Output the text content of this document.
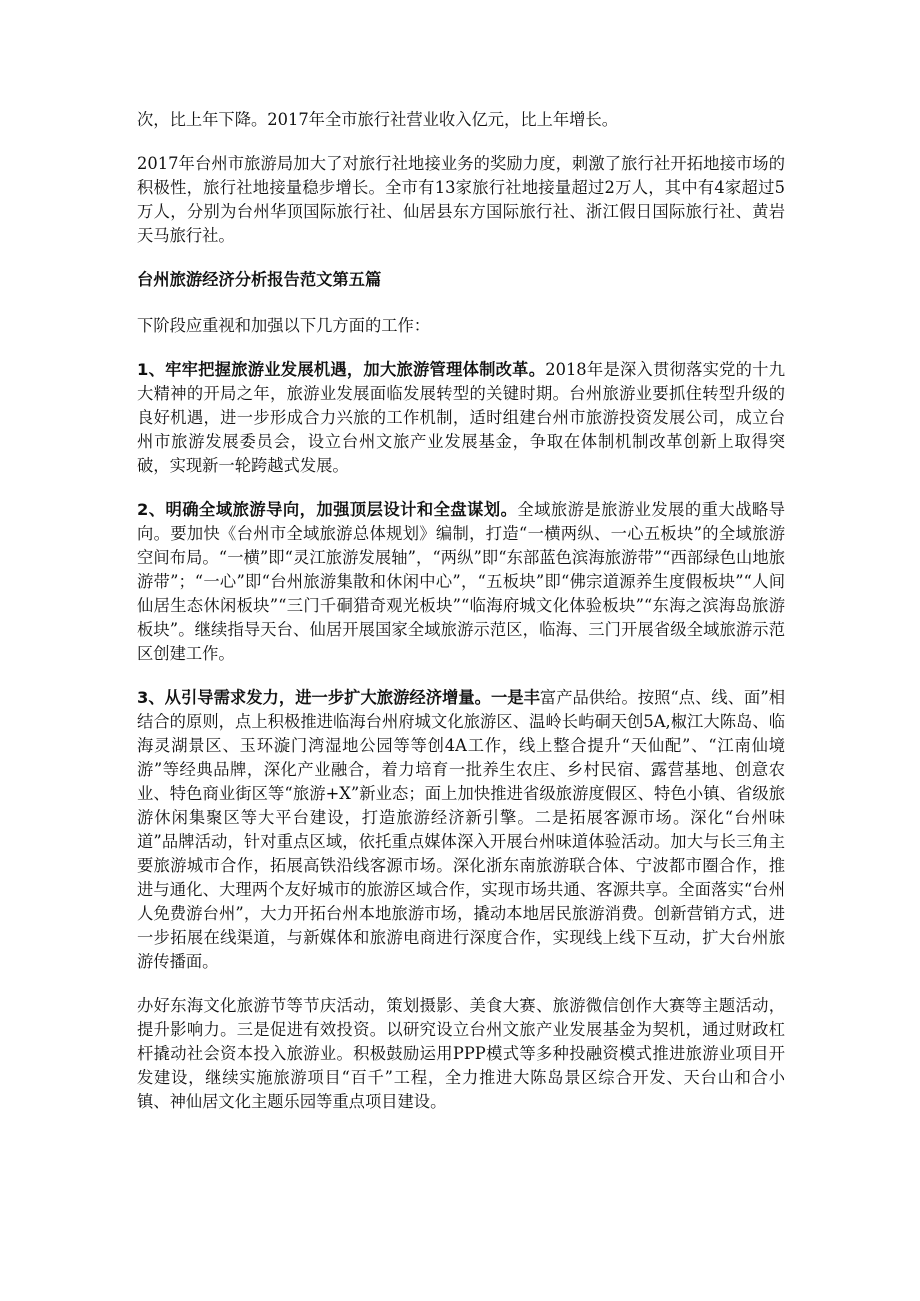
次，比上年下降。2017年全市旅行社营业收入亿元，比上年增长。

2017年台州市旅游局加大了对旅行社地接业务的奖励力度，刺激了旅行社开拓地接市场的积极性，旅行社地接量稳步增长。全市有13家旅行社地接量超过2万人，其中有4家超过5万人，分别为台州华顶国际旅行社、仙居县东方国际旅行社、浙江假日国际旅行社、黄岩天马旅行社。

台州旅游经济分析报告范文第五篇

下阶段应重视和加强以下几方面的工作：

1、牢牢把握旅游业发展机遇，加大旅游管理体制改革。2018年是深入贯彻落实党的十九大精神的开局之年，旅游业发展面临发展转型的关键时期。台州旅游业要抓住转型升级的良好机遇，进一步形成合力兴旅的工作机制，适时组建台州市旅游投资发展公司，成立台州市旅游发展委员会，设立台州文旅产业发展基金，争取在体制机制改革创新上取得突破，实现新一轮跨越式发展。

2、明确全域旅游导向，加强顶层设计和全盘谋划。全域旅游是旅游业发展的重大战略导向。要加快《台州市全域旅游总体规划》编制，打造“一横两纵、一心五板块”的全域旅游空间布局。“一横”即“灵江旅游发展轴”，“两纵”即“东部蓝色滨海旅游带”“西部绿色山地旅游带”；“一心”即“台州旅游集散和休闲中心”，“五板块”即“佛宗道源养生度假板块”“人间仙居生态休闲板块”“三门千硐猎奇观光板块”“临海府城文化体验板块”“东海之滨海岛旅游板块”。继续指导天台、仙居开展国家全域旅游示范区，临海、三门开展省级全域旅游示范区创建工作。

3、从引导需求发力，进一步扩大旅游经济增量。一是丰富产品供给。按照“点、线、面”相结合的原则，点上积极推进临海台州府城文化旅游区、温岭长屿硐天创5A,椒江大陈岛、临海灵湖景区、玉环漩门湾湿地公园等等创4A工作，线上整合提升“天仙配”、“江南仙境游”等经典品牌，深化产业融合，着力培育一批养生农庄、乡村民宿、露营基地、创意农业、特色商业街区等“旅游+X”新业态；面上加快推进省级旅游度假区、特色小镇、省级旅游休闲集聚区等大平台建设，打造旅游经济新引擎。二是拓展客源市场。深化“台州味道”品牌活动，针对重点区域，依托重点媒体深入开展台州味道体验活动。加大与长三角主要旅游城市合作，拓展高铁沿线客源市场。深化浙东南旅游联合体、宁波都市圈合作，推进与通化、大理两个友好城市的旅游区域合作，实现市场共通、客源共享。全面落实“台州人免费游台州”，大力开拓台州本地旅游市场，撬动本地居民旅游消费。创新营销方式，进一步拓展在线渠道，与新媒体和旅游电商进行深度合作，实现线上线下互动，扩大台州旅游传播面。

办好东海文化旅游节等节庆活动，策划摄影、美食大赛、旅游微信创作大赛等主题活动，提升影响力。三是促进有效投资。以研究设立台州文旅产业发展基金为契机，通过财政杠杆撬动社会资本投入旅游业。积极鼓励运用PPP模式等多种投融资模式推进旅游业项目开发建设，继续实施旅游项目“百千”工程，全力推进大陈岛景区综合开发、天台山和合小镇、神仙居文化主题乐园等重点项目建设。
